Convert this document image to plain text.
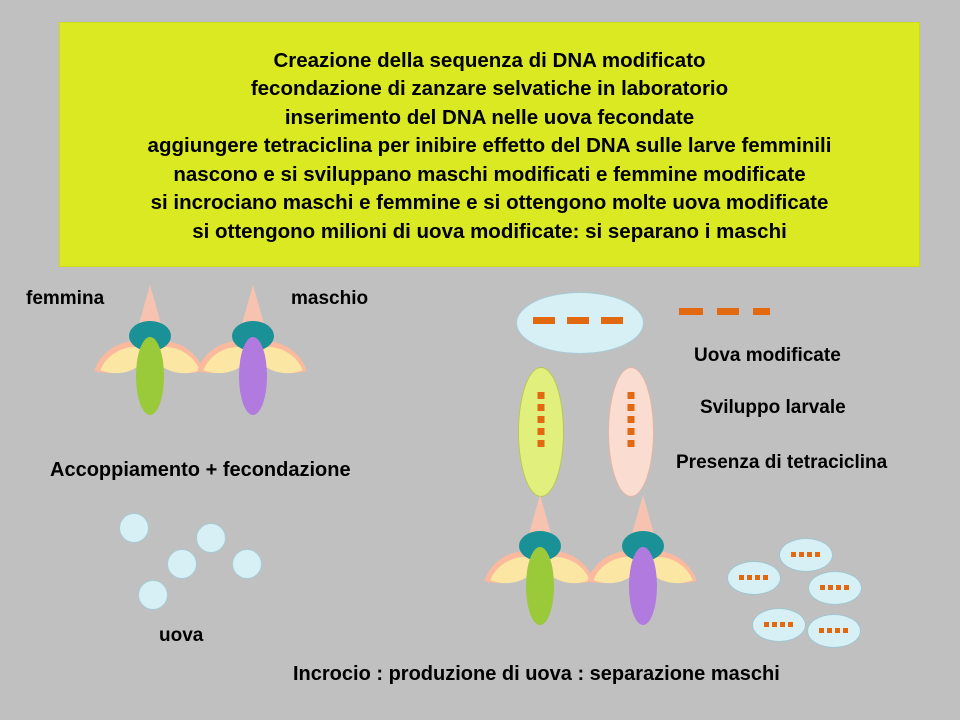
Creazione della sequenza di DNA modificato
fecondazione di zanzare selvatiche in laboratorio
inserimento del DNA nelle uova fecondate
aggiungere tetraciclina per inibire effetto del DNA sulle larve femminili
nascono e si sviluppano maschi modificati e femmine modificate
si incrociano maschi e femmine e si ottengono molte uova modificate
si ottengono milioni di uova modificate: si separano i maschi
femmina	maschio
Accoppiamento + fecondazione
uova
Uova modificate
Sviluppo larvale
Presenza di tetraciclina
Incrocio : produzione di uova : separazione maschi
